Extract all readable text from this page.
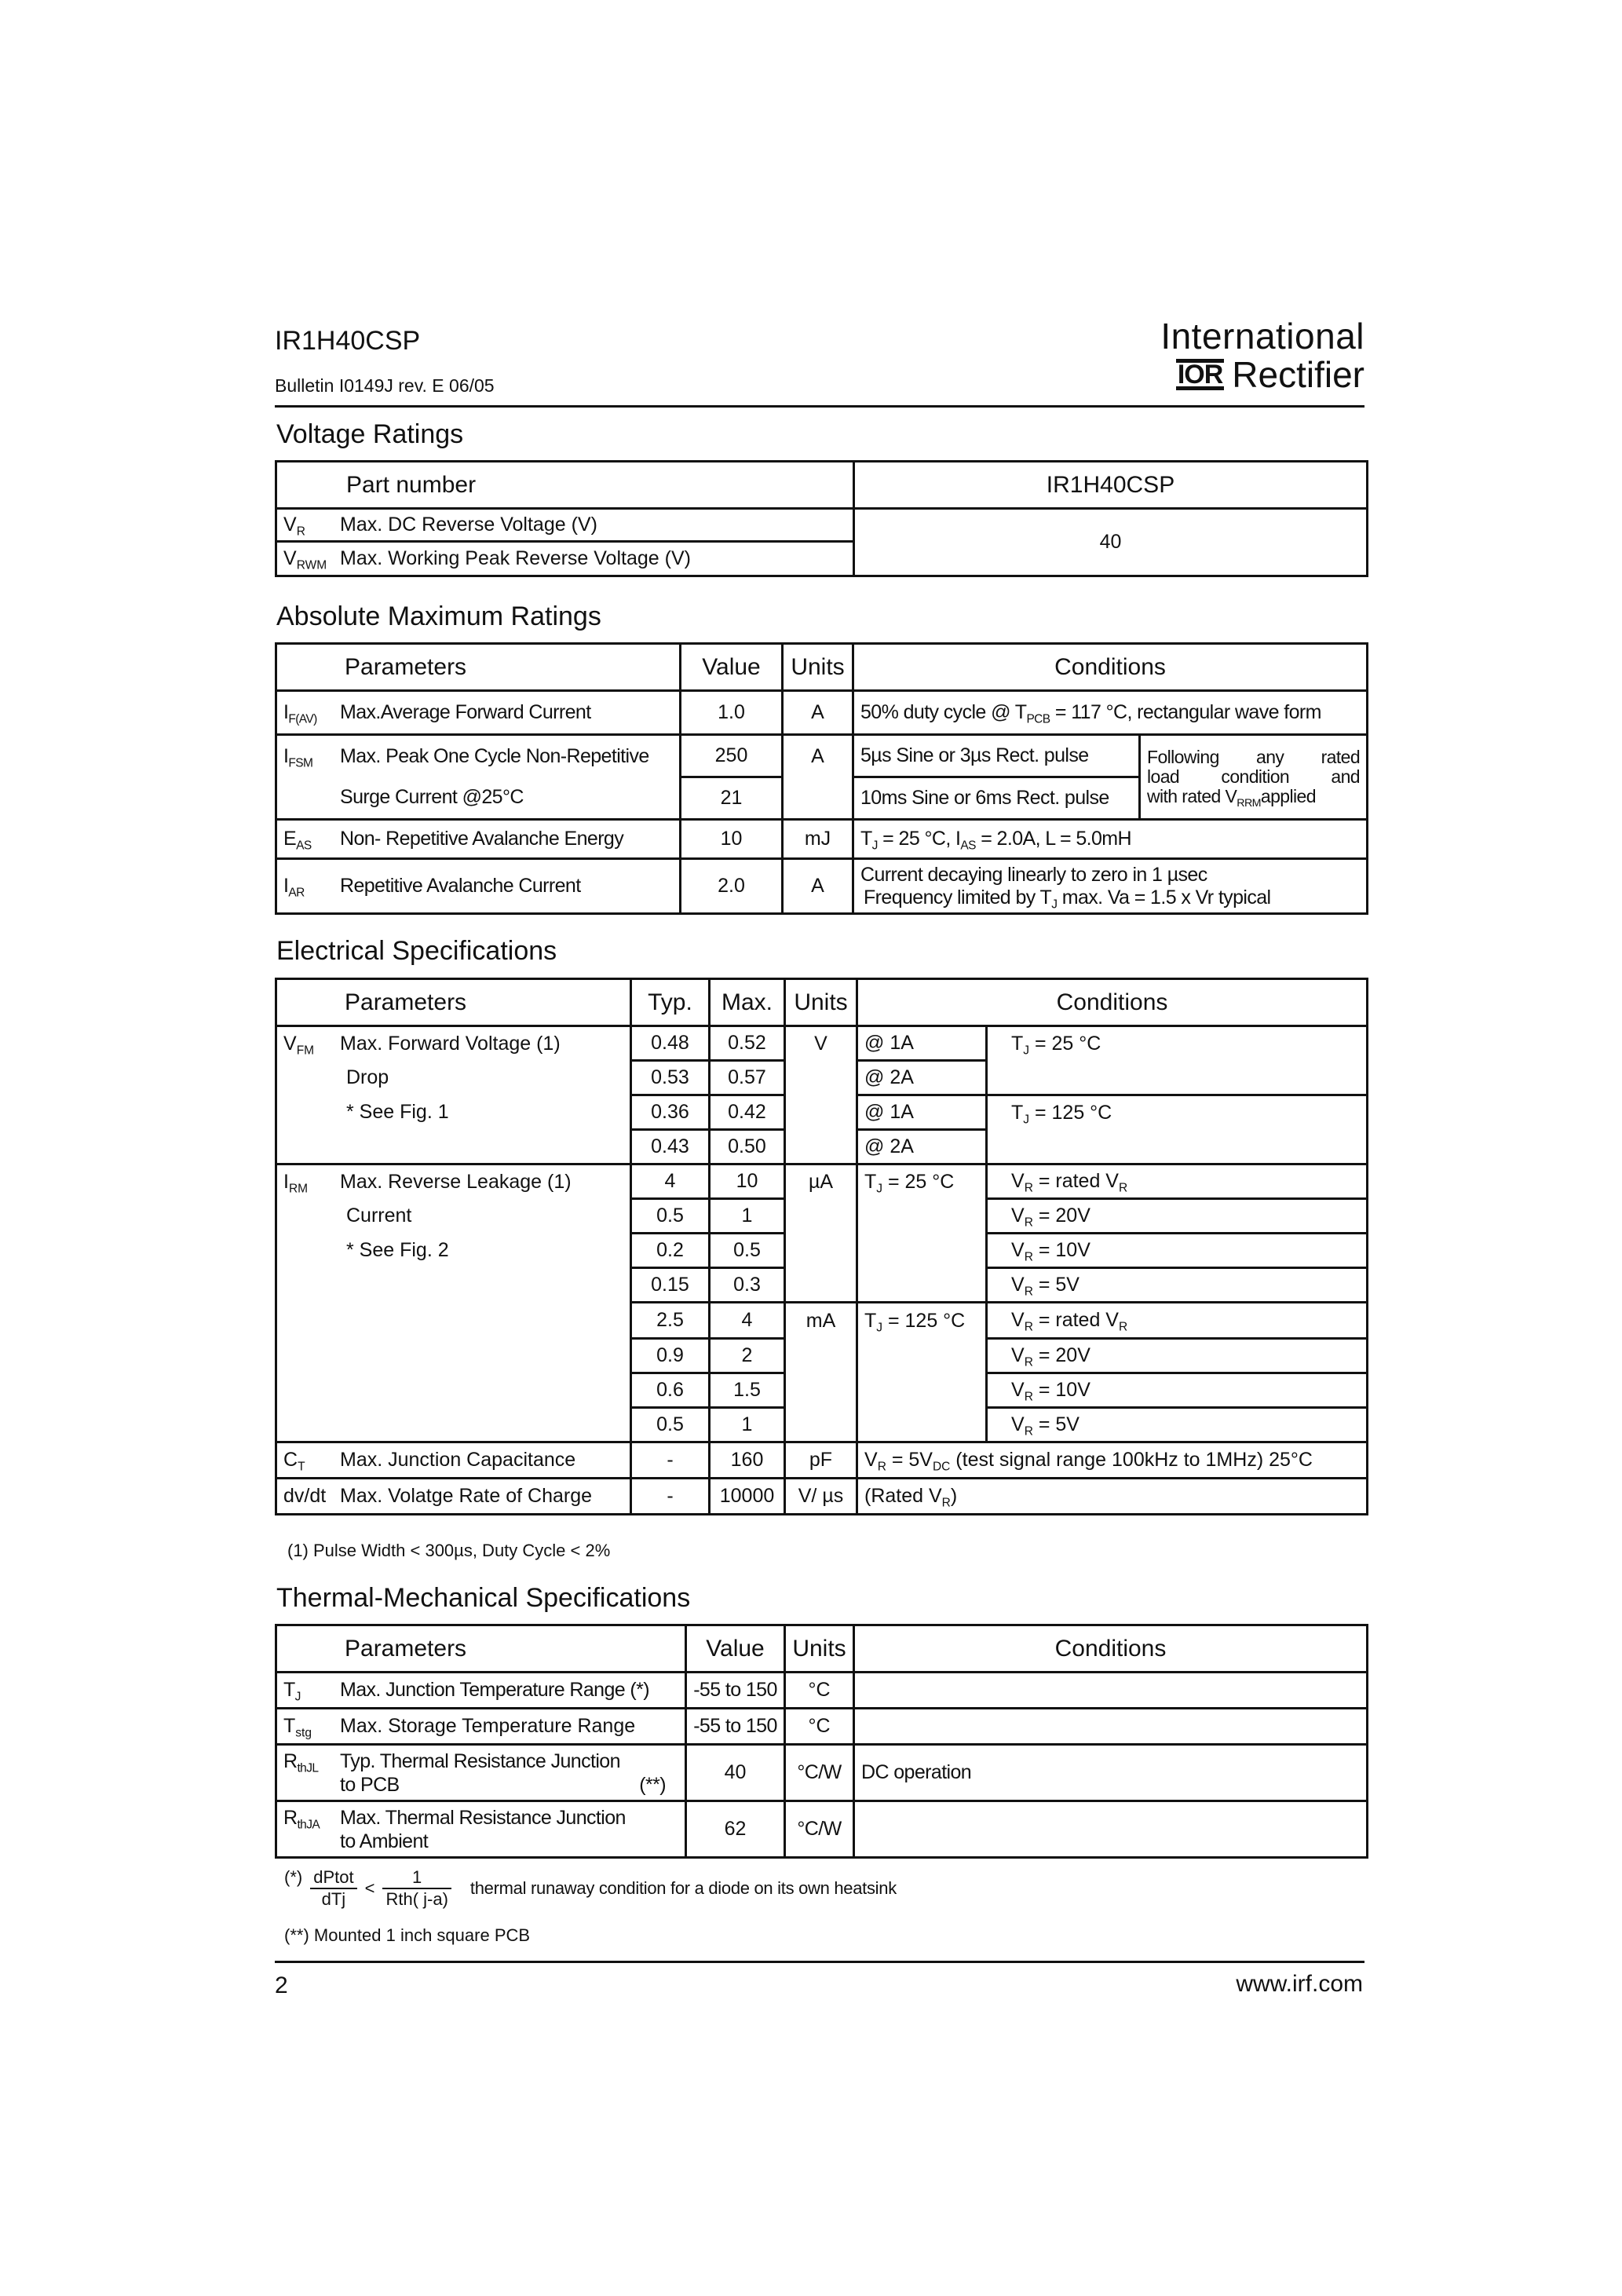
IR1H40CSP
Bulletin I0149J rev. E 06/05
International
IOR Rectifier
Voltage Ratings
Part number	IR1H40CSP
$V_R$ Max. DC Reverse Voltage (V)	40
$V_{RWM}$ Max. Working Peak Reverse Voltage (V)	
Absolute Maximum Ratings
Parameters	Value	Units	Conditions	
$I_{F(AV)}$ Max.Average Forward Current	1.0	A	50% duty cycle @ $T_{PCB} = 117$ °C, rectangular wave form	
$I_{FSM}$ Max. Peak One Cycle Non-Repetitive	250	A	5µs Sine or 3µs Rect. pulse	Following any rated
load condition and
with rated $V_{RRM}applied$

Surge Current @25°C	21		10ms Sine or 6ms Rect. pulse	
$E_{AS}$ Non- Repetitive Avalanche Energy	10	mJ	$T_J = 25$ °C, $I_{AS} = 2.0A$, L = 5.0mH	
$I_{AR}$ Repetitive Avalanche Current	2.0	A	Current decaying linearly to zero in 1 µsec
Frequency limited by $T_J$ max. Va = 1.5 x Vr typical	
Electrical Specifications
Parameters	Typ.	Max.	Units	Conditions	
$V_{FM}$ Max. Forward Voltage (1)	0.48	0.52	V	@ 1A	$T_J = 25$ °C
Drop	0.53	0.57		@ 2A	
* See Fig. 1	0.36	0.42		@ 1A	$T_J = 125$ °C
	0.43	0.50		@ 2A	
$I_{RM}$ Max. Reverse Leakage (1)	4	10	µA	$T_J = 25$ °C	$V_R$ = rated $V_R$
Current	0.5	1			$V_R = 20V$
* See Fig. 2	0.2	0.5			$V_R = 10V$
	0.15	0.3			$V_R = 5V$
	2.5	4	mA	$T_J = 125$ °C	$V_R$ = rated $V_R$
	0.9	2			$V_R = 20V$
	0.6	1.5			$V_R = 10V$
	0.5	1			$V_R = 5V$
$C_T$ Max. Junction Capacitance	-	160	pF	$V_R = 5V_{DC}$ (test signal range 100kHz to 1MHz) 25°C	
dv/dt Max. Volatge Rate of Charge	-	10000	V/ µs	(Rated $V_R$)	
(1) Pulse Width < 300µs, Duty Cycle < 2%
Thermal-Mechanical Specifications
Parameters	Value	Units	Conditions
$T_J$ Max. Junction Temperature Range (*)	-55 to 150	°C	
$T_{stg}$ Max. Storage Temperature Range	-55 to 150	°C	

$R_{thJL}$ Typ. Thermal Resistance Junction
to PCB (**)	40	°C/W	DC operation

$R_{thJA}$ Max. Thermal Resistance Junction
to Ambient	62	°C/W	
(*) $\frac{\text{dPtot}}{\text{dTj}} < \frac{1}{\text{Rth( j-a)}}$ thermal runaway condition for a diode on its own heatsink
(**) Mounted 1 inch square PCB
2	www.irf.com
